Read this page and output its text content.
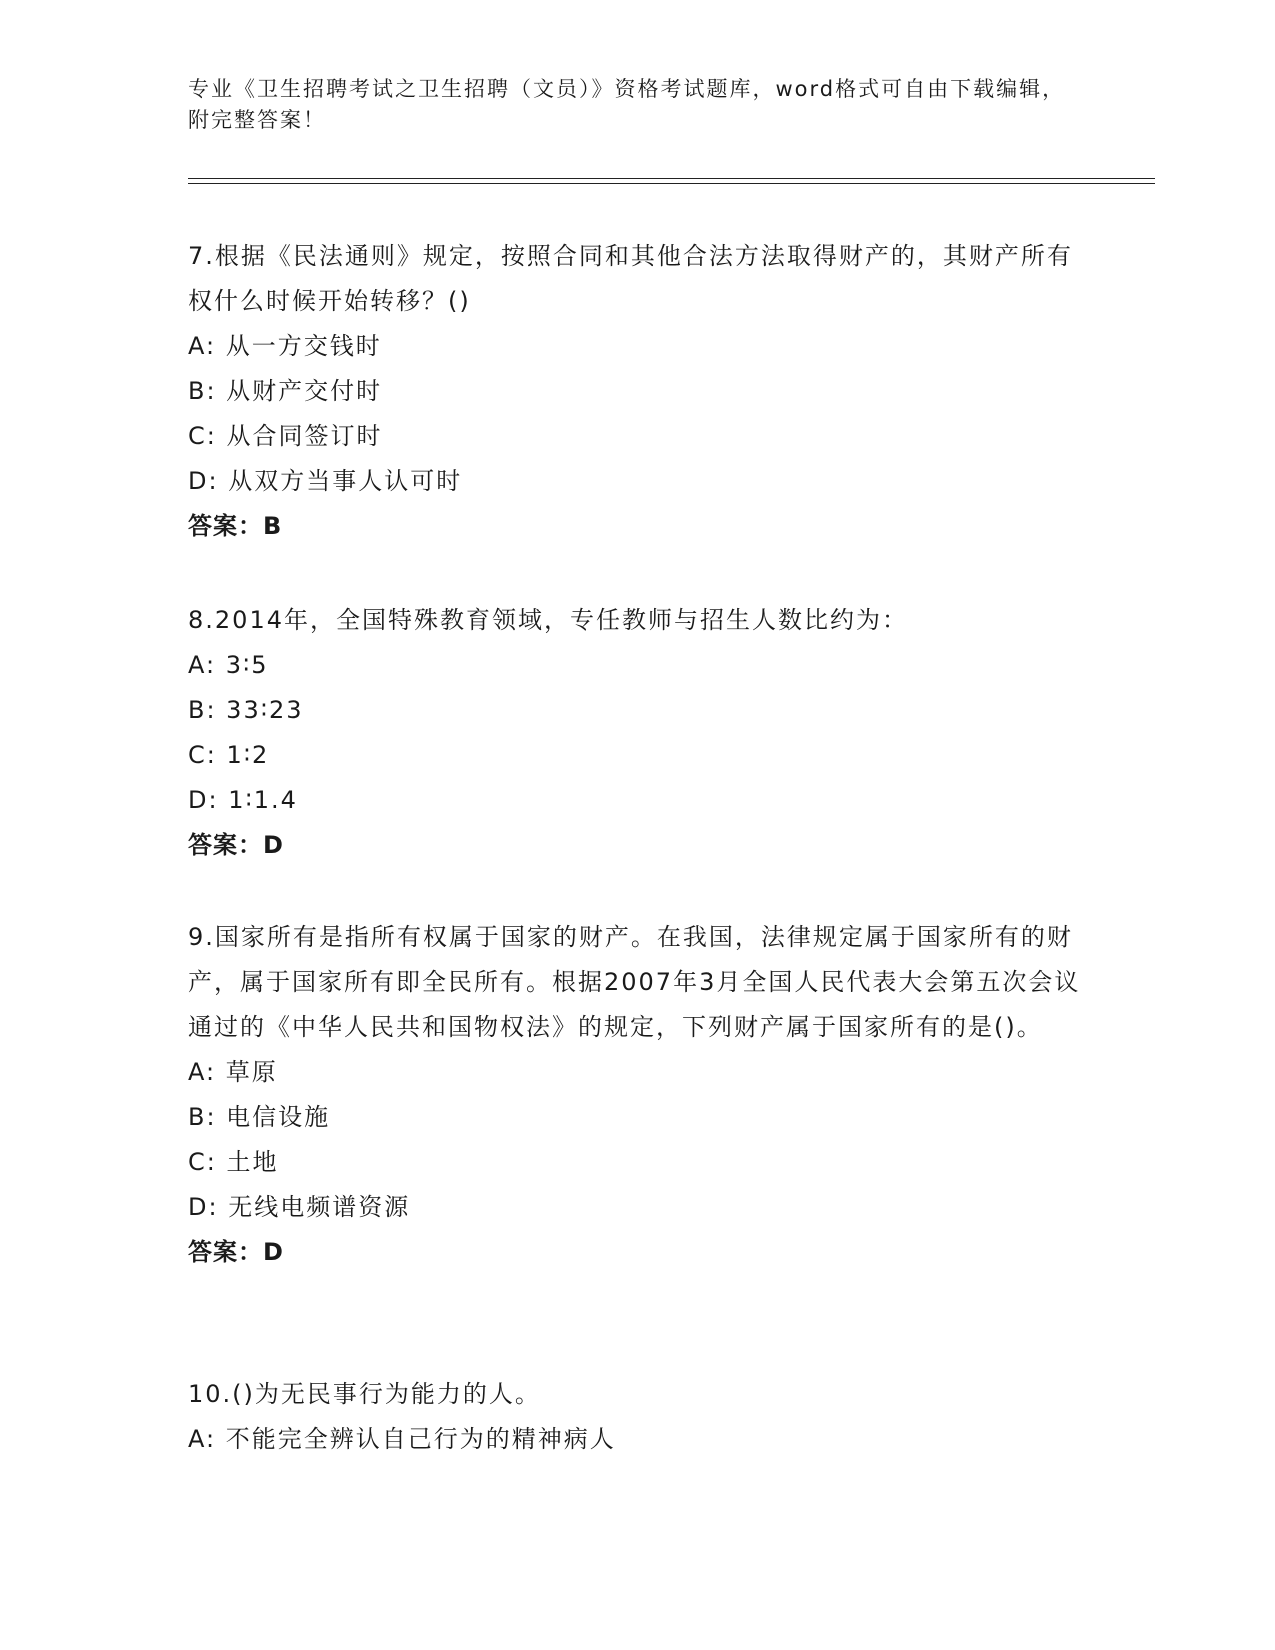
专业《卫生招聘考试之卫生招聘（文员）》资格考试题库，word格式可自由下载编辑，附完整答案！

7.根据《民法通则》规定，按照合同和其他合法方法取得财产的，其财产所有权什么时候开始转移？()

A: 从一方交钱时

B: 从财产交付时

C: 从合同签订时

D: 从双方当事人认可时

答案：B

8.2014年，全国特殊教育领域，专任教师与招生人数比约为：

A: 3∶5

B: 33∶23

C: 1∶2

D: 1∶1.4

答案：D

9.国家所有是指所有权属于国家的财产。在我国，法律规定属于国家所有的财产，属于国家所有即全民所有。根据2007年3月全国人民代表大会第五次会议通过的《中华人民共和国物权法》的规定，下列财产属于国家所有的是()。

A: 草原

B: 电信设施

C: 土地

D: 无线电频谱资源

答案：D

10.()为无民事行为能力的人。

A: 不能完全辨认自己行为的精神病人
